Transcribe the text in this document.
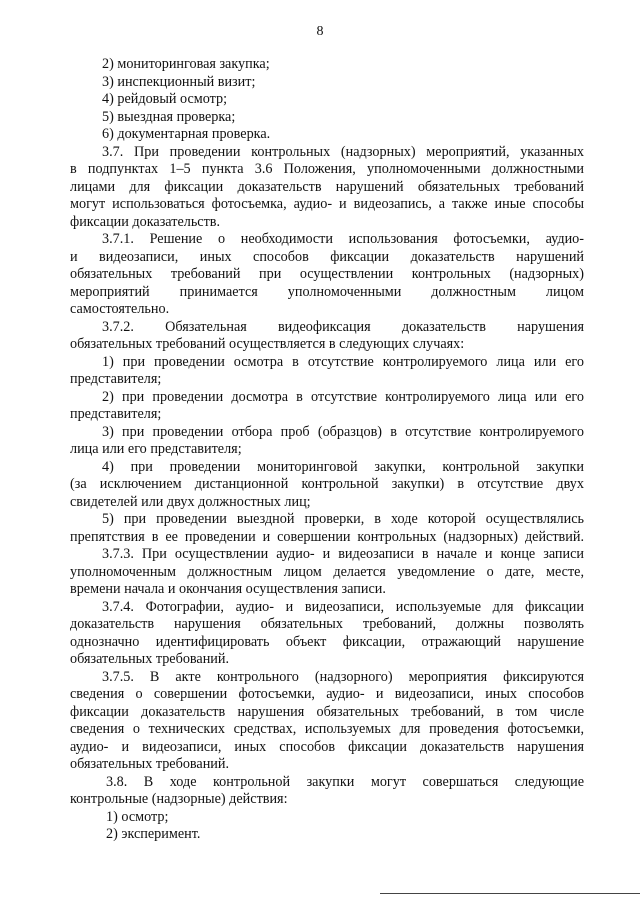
8
2) мониторинговая закупка;
3) инспекционный визит;
4) рейдовый осмотр;
5) выездная проверка;
6) документарная проверка.
3.7. При проведении контрольных (надзорных) мероприятий, указанных
в подпунктах 1–5 пункта 3.6 Положения, уполномоченными должностными
лицами для фиксации доказательств нарушений обязательных требований
могут использоваться фотосъемка, аудио- и видеозапись, а также иные способы
фиксации доказательств.
3.7.1. Решение о необходимости использования фотосъемки, аудио-
и видеозаписи, иных способов фиксации доказательств нарушений
обязательных требований при осуществлении контрольных (надзорных)
мероприятий принимается уполномоченными должностным лицом
самостоятельно.
3.7.2. Обязательная видеофиксация доказательств нарушения
обязательных требований осуществляется в следующих случаях:
1) при проведении осмотра в отсутствие контролируемого лица или его
представителя;
2) при проведении досмотра в отсутствие контролируемого лица или его
представителя;
3) при проведении отбора проб (образцов) в отсутствие контролируемого
лица или его представителя;
4) при проведении мониторинговой закупки, контрольной закупки
(за исключением дистанционной контрольной закупки) в отсутствие двух
свидетелей или двух должностных лиц;
5) при проведении выездной проверки, в ходе которой осуществлялись
препятствия в ее проведении и совершении контрольных (надзорных) действий.
3.7.3. При осуществлении аудио- и видеозаписи в начале и конце записи
уполномоченным должностным лицом делается уведомление о дате, месте,
времени начала и окончания осуществления записи.
3.7.4. Фотографии, аудио- и видеозаписи, используемые для фиксации
доказательств нарушения обязательных требований, должны позволять
однозначно идентифицировать объект фиксации, отражающий нарушение
обязательных требований.
3.7.5. В акте контрольного (надзорного) мероприятия фиксируются
сведения о совершении фотосъемки, аудио- и видеозаписи, иных способов
фиксации доказательств нарушения обязательных требований, в том числе
сведения о технических средствах, используемых для проведения фотосъемки,
аудио- и видеозаписи, иных способов фиксации доказательств нарушения
обязательных требований.
3.8. В ходе контрольной закупки могут совершаться следующие
контрольные (надзорные) действия:
1) осмотр;
2) эксперимент.
